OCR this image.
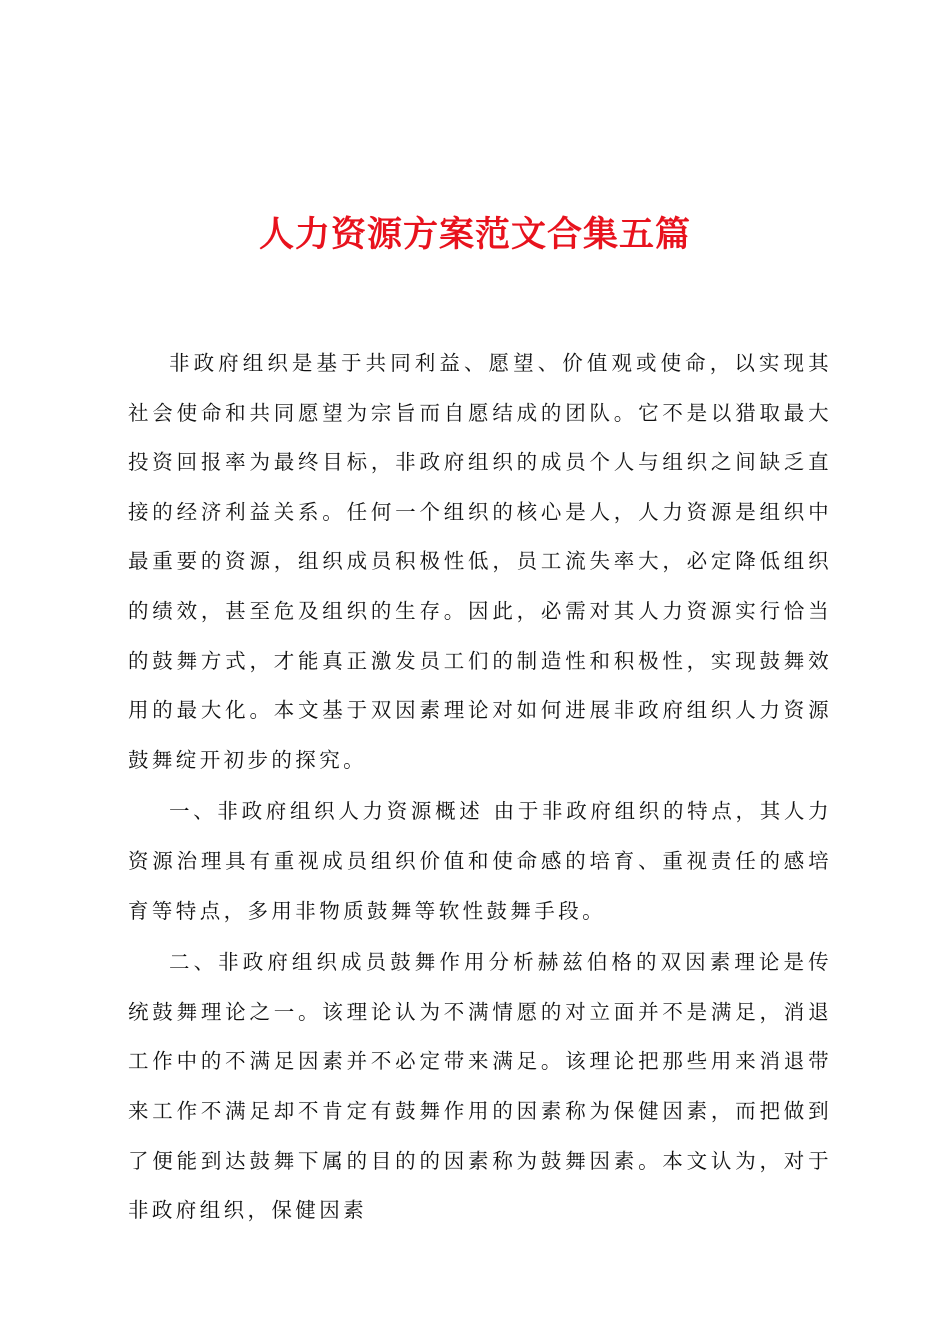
人力资源方案范文合集五篇

非政府组织是基于共同利益、愿望、价值观或使命，以实现其社会使命和共同愿望为宗旨而自愿结成的团队。它不是以猎取最大投资回报率为最终目标，非政府组织的成员个人与组织之间缺乏直接的经济利益关系。任何一个组织的核心是人，人力资源是组织中最重要的资源，组织成员积极性低，员工流失率大，必定降低组织的绩效，甚至危及组织的生存。因此，必需对其人力资源实行恰当的鼓舞方式，才能真正激发员工们的制造性和积极性，实现鼓舞效用的最大化。本文基于双因素理论对如何进展非政府组织人力资源鼓舞绽开初步的探究。

一、非政府组织人力资源概述 由于非政府组织的特点，其人力资源治理具有重视成员组织价值和使命感的培育、重视责任的感培育等特点，多用非物质鼓舞等软性鼓舞手段。

二、非政府组织成员鼓舞作用分析赫兹伯格的双因素理论是传统鼓舞理论之一。该理论认为不满情愿的对立面并不是满足，消退工作中的不满足因素并不必定带来满足。该理论把那些用来消退带来工作不满足却不肯定有鼓舞作用的因素称为保健因素，而把做到了便能到达鼓舞下属的目的的因素称为鼓舞因素。本文认为，对于非政府组织，保健因素
